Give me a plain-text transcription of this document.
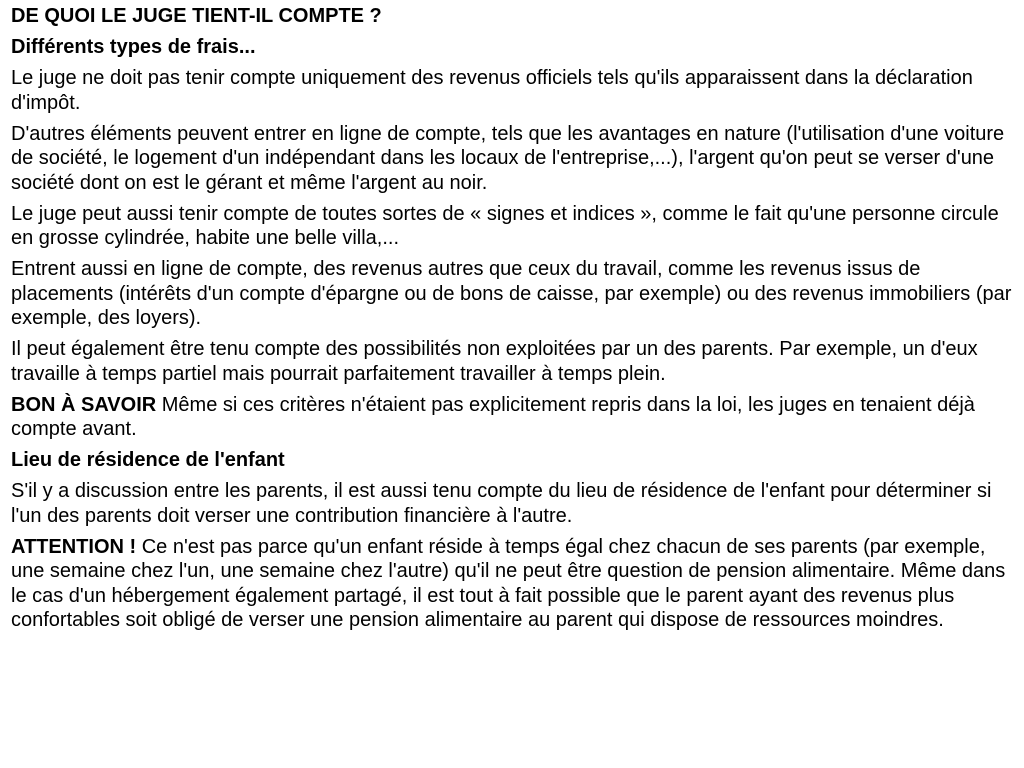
DE QUOI LE JUGE TIENT-IL COMPTE ?

Différents types de frais...

Le juge ne doit pas tenir compte uniquement des revenus officiels tels qu'ils apparaissent dans la déclaration d'impôt.

D'autres éléments peuvent entrer en ligne de compte, tels que les avantages en nature (l'utilisation d'une voiture de société, le logement d'un indépendant dans les locaux de l'entreprise,...), l'argent qu'on peut se verser d'une société dont on est le gérant et même l'argent au noir.

Le juge peut aussi tenir compte de toutes sortes de « signes et indices », comme le fait qu'une personne circule en grosse cylindrée, habite une belle villa,...

Entrent aussi en ligne de compte, des revenus autres que ceux du travail, comme les revenus issus de placements (intérêts d'un compte d'épargne ou de bons de caisse, par exemple) ou des revenus immobiliers (par exemple, des loyers).

Il peut également être tenu compte des possibilités non exploitées par un des parents. Par exemple, un d'eux travaille à temps partiel mais pourrait parfaitement travailler à temps plein.

BON À SAVOIR Même si ces critères n'étaient pas explicitement repris dans la loi, les juges en tenaient déjà compte avant.

Lieu de résidence de l'enfant

S'il y a discussion entre les parents, il est aussi tenu compte du lieu de résidence de l'enfant pour déterminer si l'un des parents doit verser une contribution financière à l'autre.

ATTENTION ! Ce n'est pas parce qu'un enfant réside à temps égal chez chacun de ses parents (par exemple, une semaine chez l'un, une semaine chez l'autre) qu'il ne peut être question de pension alimentaire. Même dans le cas d'un hébergement également partagé, il est tout à fait possible que le parent ayant des revenus plus confortables soit obligé de verser une pension alimentaire au parent qui dispose de ressources moindres.
